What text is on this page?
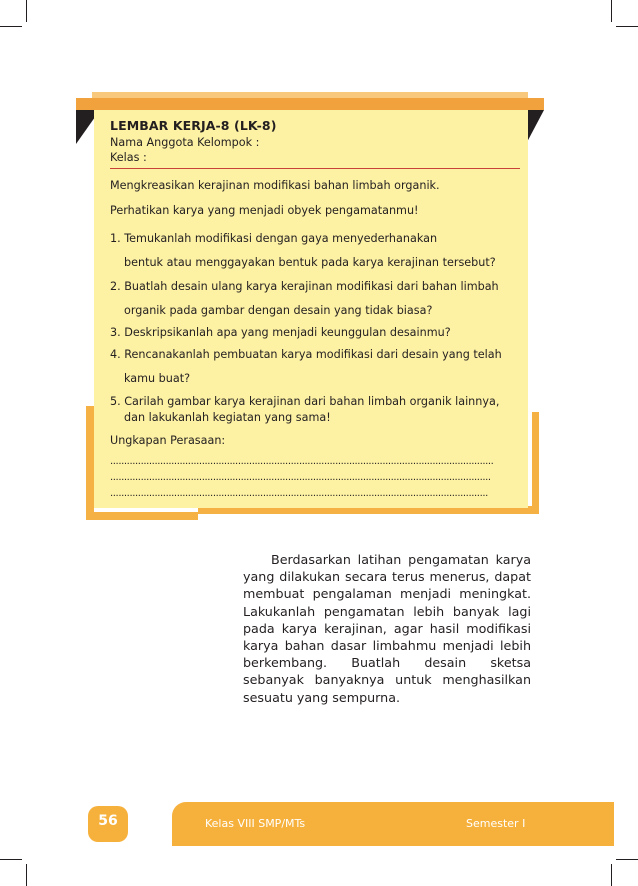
LEMBAR KERJA-8 (LK-8)
Nama Anggota Kelompok :
Kelas :
Mengkreasikan kerajinan modifikasi bahan limbah organik.
Perhatikan karya yang menjadi obyek pengamatanmu!
1. Temukanlah modifikasi dengan gaya menyederhanakan
bentuk atau menggayakan bentuk pada karya kerajinan tersebut?
2. Buatlah desain ulang karya kerajinan modifikasi dari bahan limbah
organik pada gambar dengan desain yang tidak biasa?
3. Deskripsikanlah apa yang menjadi keunggulan desainmu?
4. Rencanakanlah pembuatan karya modifikasi dari desain yang telah
kamu buat?
5. Carilah gambar karya kerajinan dari bahan limbah organik lainnya,
dan lakukanlah kegiatan yang sama!
Ungkapan Perasaan:
..........................................................................................................................................
.........................................................................................................................................
........................................................................................................................................

Berdasarkan latihan pengamatan karya yang dilakukan secara terus menerus, dapat membuat pengalaman menjadi meningkat. Lakukanlah pengamatan lebih banyak lagi pada karya kerajinan, agar hasil modifikasi karya bahan dasar limbahmu menjadi lebih berkembang. Buatlah desain sketsa sebanyak banyaknya untuk menghasilkan sesuatu yang sempurna.

56	Kelas VIII SMP/MTs	Semester I
